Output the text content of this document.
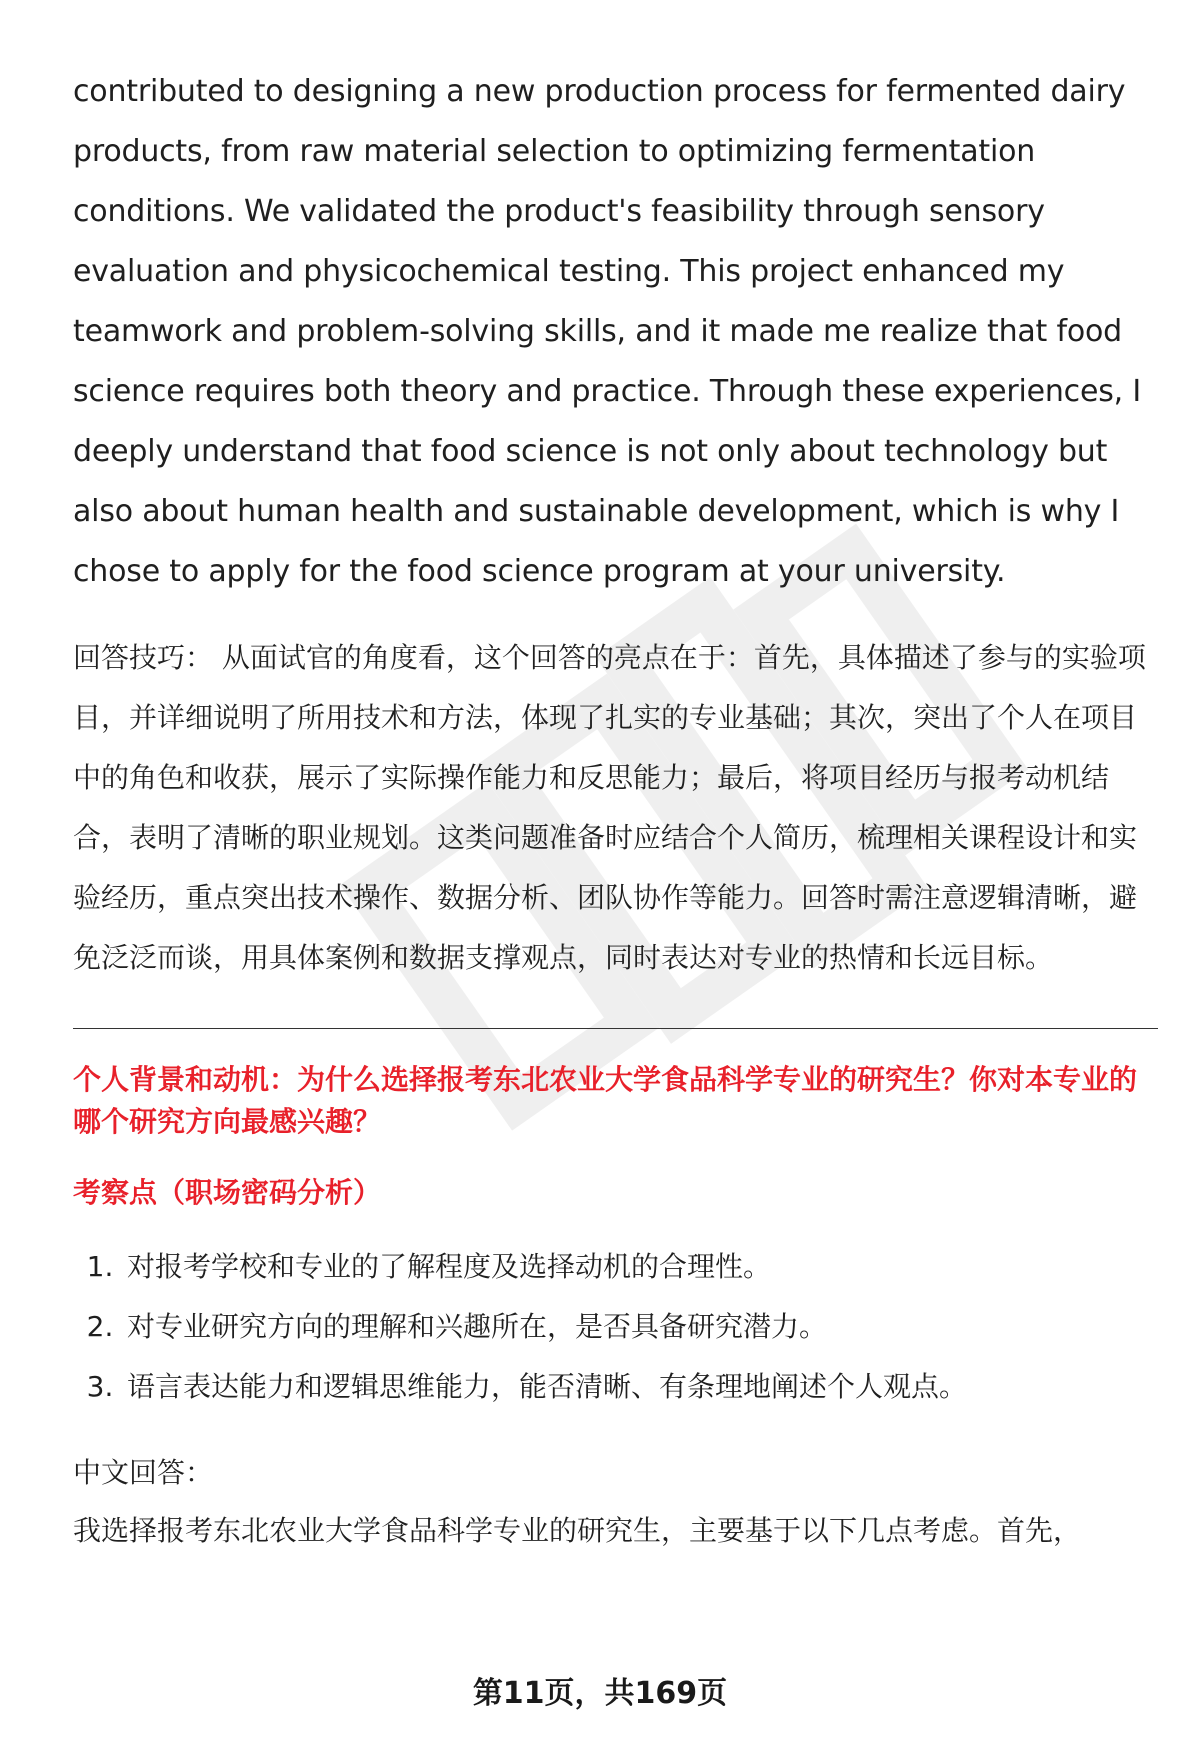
contributed to designing a new production process for fermented dairy products, from raw material selection to optimizing fermentation conditions. We validated the product's feasibility through sensory evaluation and physicochemical testing. This project enhanced my teamwork and problem-solving skills, and it made me realize that food science requires both theory and practice. Through these experiences, I deeply understand that food science is not only about technology but also about human health and sustainable development, which is why I chose to apply for the food science program at your university.

回答技巧： 从面试官的角度看，这个回答的亮点在于：首先，具体描述了参与的实验项目，并详细说明了所用技术和方法，体现了扎实的专业基础；其次，突出了个人在项目中的角色和收获，展示了实际操作能力和反思能力；最后，将项目经历与报考动机结合，表明了清晰的职业规划。这类问题准备时应结合个人简历，梳理相关课程设计和实验经历，重点突出技术操作、数据分析、团队协作等能力。回答时需注意逻辑清晰，避免泛泛而谈，用具体案例和数据支撑观点，同时表达对专业的热情和长远目标。

个人背景和动机：为什么选择报考东北农业大学食品科学专业的研究生？你对本专业的哪个研究方向最感兴趣？

考察点（职场密码分析）

1. 对报考学校和专业的了解程度及选择动机的合理性。
2. 对专业研究方向的理解和兴趣所在，是否具备研究潜力。
3. 语言表达能力和逻辑思维能力，能否清晰、有条理地阐述个人观点。

中文回答：

我选择报考东北农业大学食品科学专业的研究生，主要基于以下几点考虑。首先，

第11页，共169页
